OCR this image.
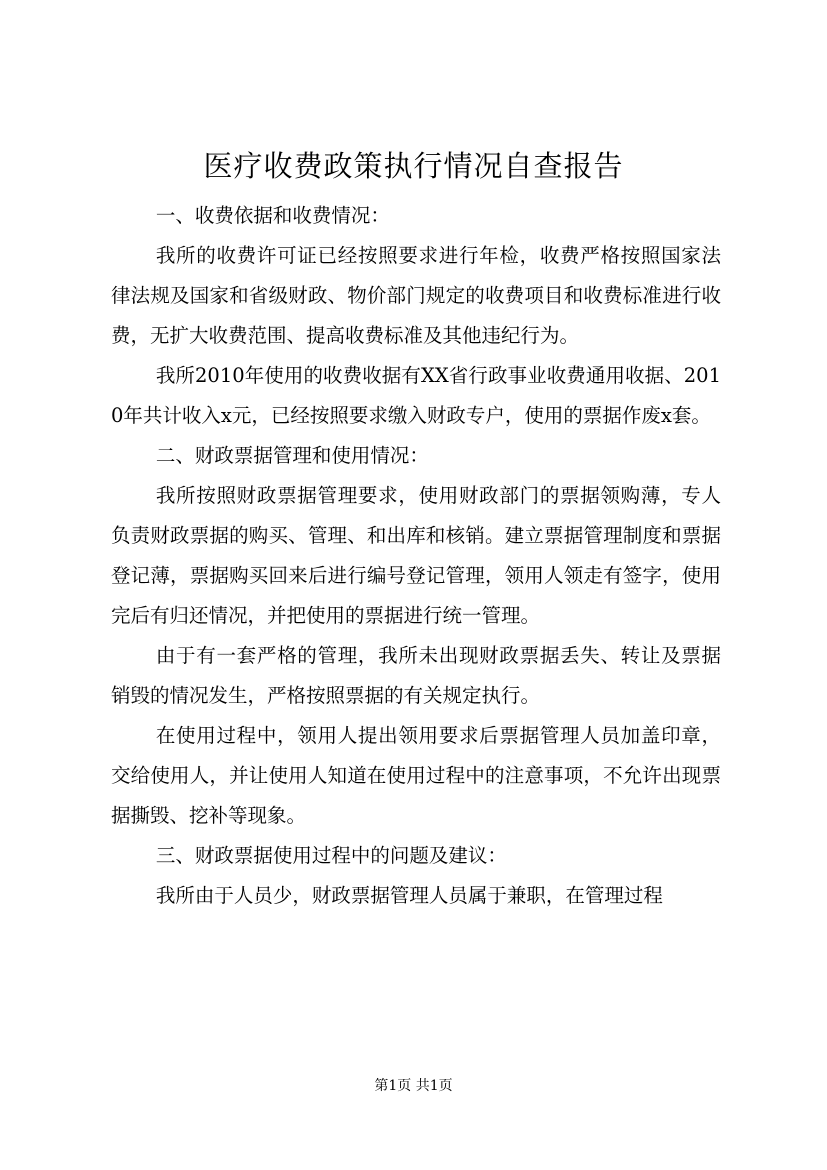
医疗收费政策执行情况自查报告

一、收费依据和收费情况：

我所的收费许可证已经按照要求进行年检，收费严格按照国家法律法规及国家和省级财政、物价部门规定的收费项目和收费标准进行收费，无扩大收费范围、提高收费标准及其他违纪行为。

我所2010年使用的收费收据有XX省行政事业收费通用收据、2010年共计收入x元，已经按照要求缴入财政专户，使用的票据作废x套。

二、财政票据管理和使用情况：

我所按照财政票据管理要求，使用财政部门的票据领购薄，专人负责财政票据的购买、管理、和出库和核销。建立票据管理制度和票据登记薄，票据购买回来后进行编号登记管理，领用人领走有签字，使用完后有归还情况，并把使用的票据进行统一管理。

由于有一套严格的管理，我所未出现财政票据丢失、转让及票据销毁的情况发生，严格按照票据的有关规定执行。

在使用过程中，领用人提出领用要求后票据管理人员加盖印章，交给使用人，并让使用人知道在使用过程中的注意事项，不允许出现票据撕毁、挖补等现象。

三、财政票据使用过程中的问题及建议：

我所由于人员少，财政票据管理人员属于兼职，在管理过程

第1页 共1页
